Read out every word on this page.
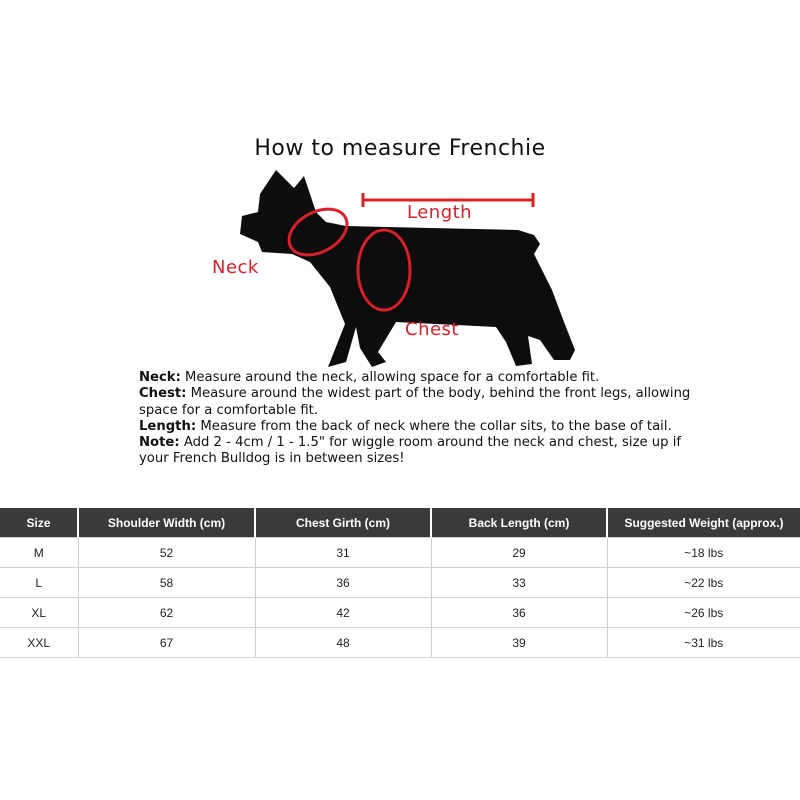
How to measure Frenchie
Length
Neck
Chest

Neck: Measure around the neck, allowing space for a comfortable fit.

Chest: Measure around the widest part of the body, behind the front legs, allowing space for a comfortable fit.

Length: Measure from the back of neck where the collar sits, to the base of tail.

Note: Add 2 - 4cm / 1 - 1.5" for wiggle room around the neck and chest, size up if your French Bulldog is in between sizes!

Size	Shoulder Width (cm)	Chest Girth (cm)	Back Length (cm)	Suggested Weight (approx.)
M	52	31	29	~18 lbs
L	58	36	33	~22 lbs
XL	62	42	36	~26 lbs
XXL	67	48	39	~31 lbs
